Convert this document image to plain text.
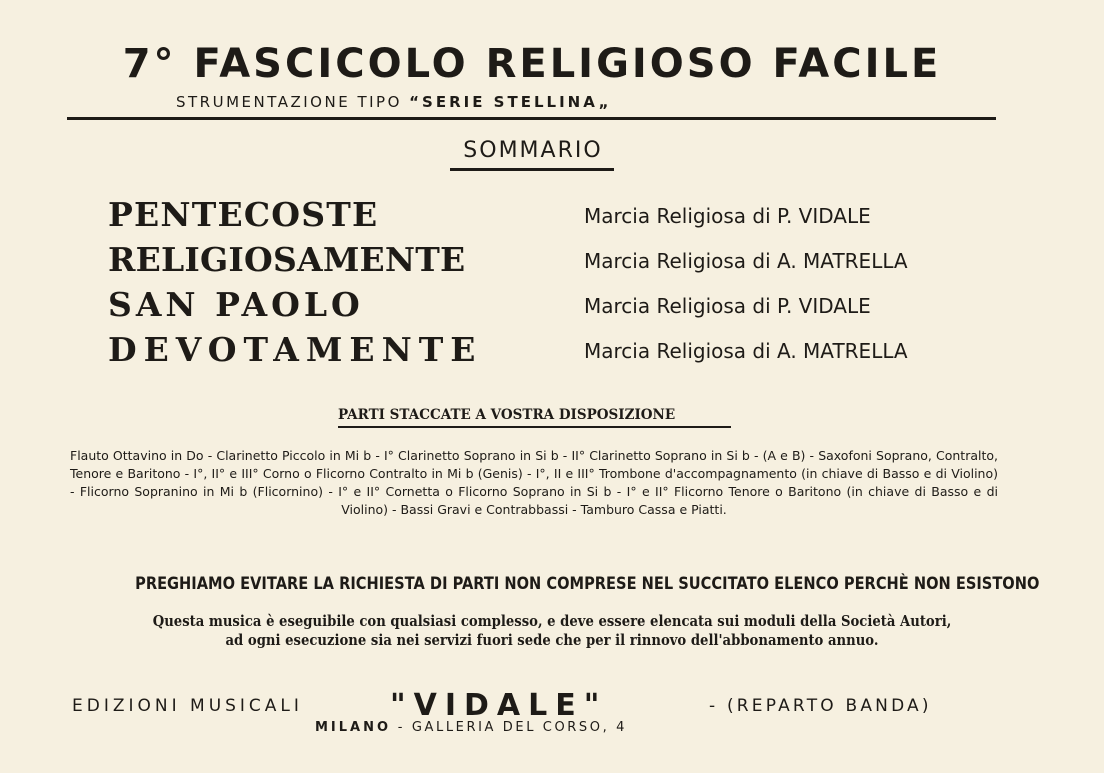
7° FASCICOLO RELIGIOSO FACILE
STRUMENTAZIONE TIPO “SERIE STELLINA„
SOMMARIO
PENTECOSTE	Marcia Religiosa di P. VIDALE
RELIGIOSAMENTE	Marcia Religiosa di A. MATRELLA
SAN PAOLO	Marcia Religiosa di P. VIDALE
DEVOTAMENTE	Marcia Religiosa di A. MATRELLA
PARTI STACCATE A VOSTRA DISPOSIZIONE
Flauto Ottavino in Do - Clarinetto Piccolo in Mi b - I° Clarinetto Soprano in Si b - II° Clarinetto Soprano in Si b - (A e B) - Saxofoni Soprano, Contralto, Tenore e Baritono - I°, II° e III° Corno o Flicorno Contralto in Mi b (Genis) - I°, II e III° Trombone d'accompagnamento (in chiave di Basso e di Violino) - Flicorno Sopranino in Mi b (Flicornino) - I° e II° Cornetta o Flicorno Soprano in Si b - I° e II° Flicorno Tenore o Baritono (in chiave di Basso e di Violino) - Bassi Gravi e Contrabbassi - Tamburo Cassa e Piatti.
PREGHIAMO EVITARE LA RICHIESTA DI PARTI NON COMPRESE NEL SUCCITATO ELENCO PERCHÈ NON ESISTONO
Questa musica è eseguibile con qualsiasi complesso, e deve essere elencata sui moduli della Società Autori,
ad ogni esecuzione sia nei servizi fuori sede che per il rinnovo dell'abbonamento annuo.
EDIZIONI MUSICALI	"VIDALE"	- (REPARTO BANDA)
MILANO - GALLERIA DEL CORSO, 4
